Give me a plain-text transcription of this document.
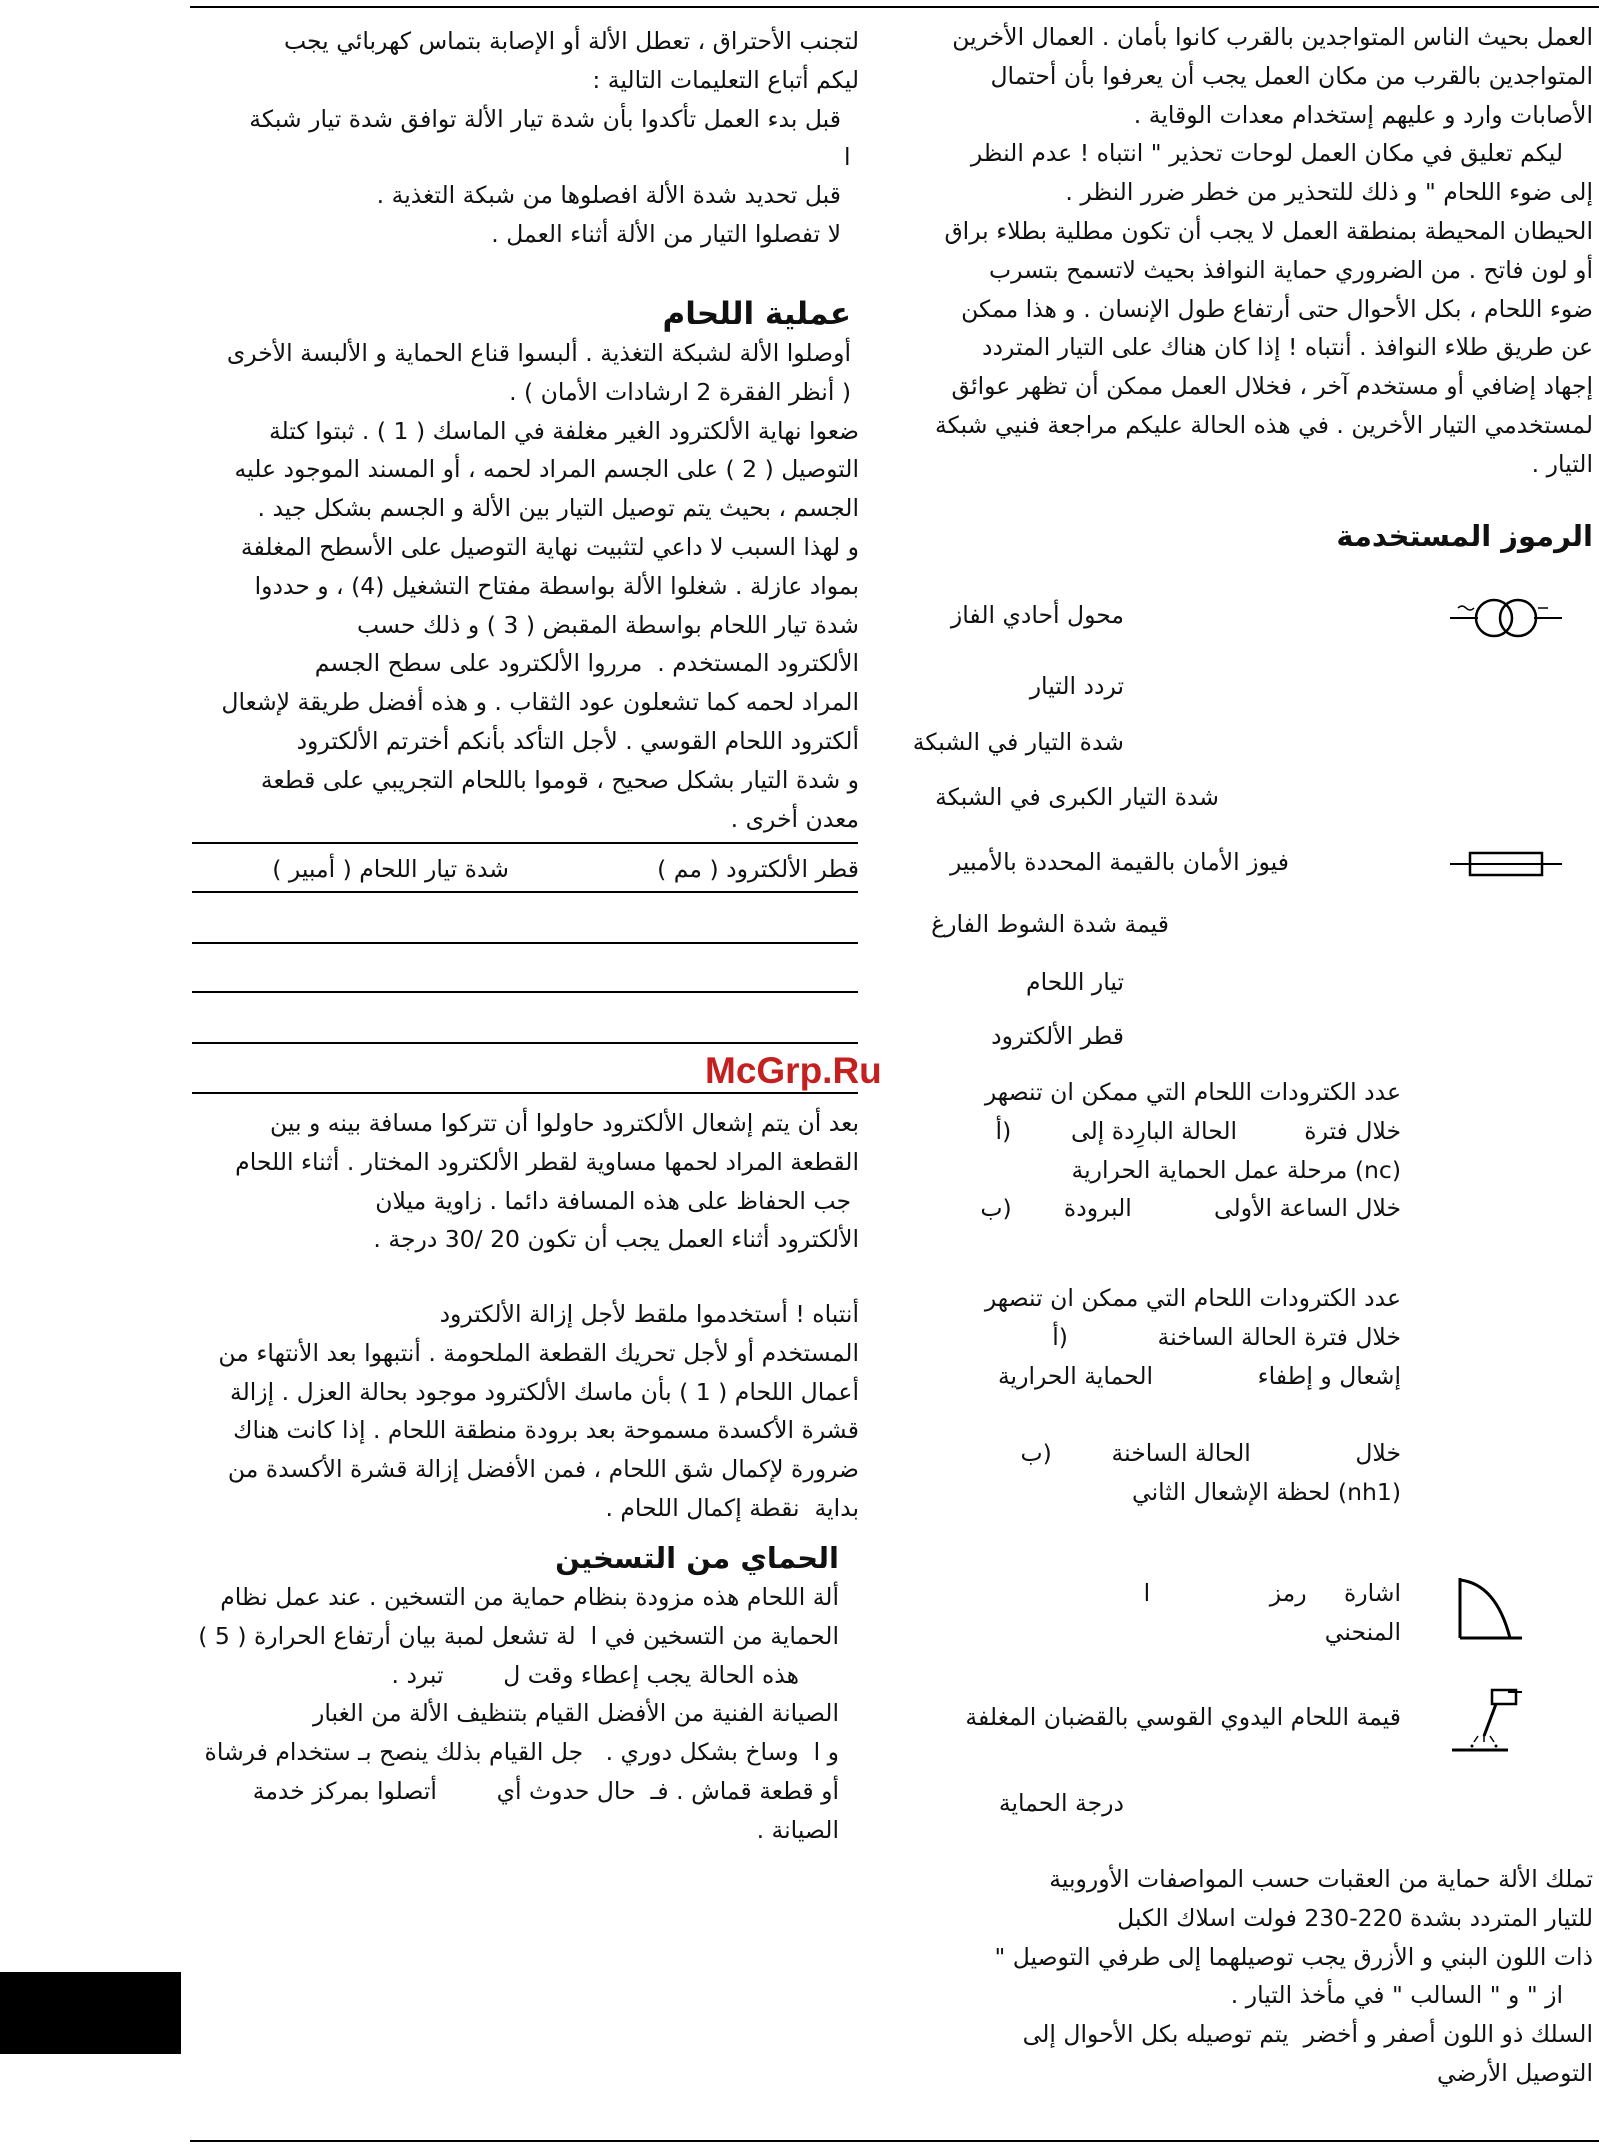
لتجنب الأحتراق ، تعطل الألة أو الإصابة بتماس كهربائي يجب

ليكم أتباع التعليمات التالية :

قبل بدء العمل تأكدوا بأن شدة تيار الألة توافق شدة تيار شبكة

ا

قبل تحديد شدة الألة افصلوها من شبكة التغذية .

لا تفصلوا التيار من الألة أثناء العمل .

عملية اللحام

أوصلوا الألة لشبكة التغذية . ألبسوا قناع الحماية و الألبسة الأخرى

( أنظر الفقرة 2 ارشادات الأمان ) .

ضعوا نهاية الألكترود الغير مغلفة في الماسك ( 1 ) . ثبتوا كتلة

التوصيل ( 2 ) على الجسم المراد لحمه ، أو المسند الموجود عليه

الجسم ، بحيث يتم توصيل التيار بين الألة و الجسم بشكل جيد .

و لهذا السبب لا داعي لتثبيت نهاية التوصيل على الأسطح المغلفة

بمواد عازلة . شغلوا الألة بواسطة مفتاح التشغيل (4) ، و حددوا

شدة تيار اللحام بواسطة المقبض ( 3 ) و ذلك حسب

الألكترود المستخدم .  مرروا الألكترود على سطح الجسم

المراد لحمه كما تشعلون عود الثقاب . و هذه أفضل طريقة لإشعال

ألكترود اللحام القوسي . لأجل التأكد بأنكم أخترتم الألكترود

و شدة التيار بشكل صحيح ، قوموا باللحام التجريبي على قطعة

معدن أخرى .

قطر الألكترود ( مم )
شدة تيار اللحام ( أمبير )
McGrp.Ru

بعد أن يتم إشعال الألكترود حاولوا أن تتركوا مسافة بينه و بين

القطعة المراد لحمها مساوية لقطر الألكترود المختار . أثناء اللحام

جب الحفاظ على هذه المسافة دائما . زاوية ميلان

الألكترود أثناء العمل يجب أن تكون 20 /30 درجة .

أنتباه ! أستخدموا ملقط لأجل إزالة الألكترود

المستخدم أو لأجل تحريك القطعة الملحومة . أنتبهوا بعد الأنتهاء من

أعمال اللحام ( 1 ) بأن ماسك الألكترود موجود بحالة العزل . إزالة

قشرة الأكسدة مسموحة بعد برودة منطقة اللحام . إذا كانت هناك

ضرورة لإكمال شق اللحام ، فمن الأفضل إزالة قشرة الأكسدة من

بداية  نقطة إكمال اللحام .

الحماي من التسخين

ألة اللحام هذه مزودة بنظام حماية من التسخين . عند عمل نظام

الحماية من التسخين في ا  لة تشعل لمبة بيان أرتفاع الحرارة ( 5 )

هذه الحالة يجب إعطاء وقت ل        تبرد .

الصيانة الفنية من الأفضل القيام بتنظيف الألة من الغبار

و ا  وساخ بشكل دوري .   جل القيام بذلك ينصح بـ ستخدام فرشاة

أو قطعة قماش . فـ  حال حدوث أي        أتصلوا بمركز خدمة

الصيانة .

العمل بحيث الناس المتواجدين بالقرب كانوا بأمان . العمال الأخرين

المتواجدين بالقرب من مكان العمل يجب أن يعرفوا بأن أحتمال

الأصابات وارد و عليهم إستخدام معدات الوقاية .

ليكم تعليق في مكان العمل لوحات تحذير " انتباه ! عدم النظر

إلى ضوء اللحام " و ذلك للتحذير من خطر ضرر النظر .

الحيطان المحيطة بمنطقة العمل لا يجب أن تكون مطلية بطلاء براق

أو لون فاتح . من الضروري حماية النوافذ بحيث لاتسمح بتسرب

ضوء اللحام ، بكل الأحوال حتى أرتفاع طول الإنسان . و هذا ممكن

عن طريق طلاء النوافذ . أنتباه ! إذا كان هناك على التيار المتردد

إجهاد إضافي أو مستخدم آخر ، فخلال العمل ممكن أن تظهر عوائق

لمستخدمي التيار الأخرين . في هذه الحالة عليكم مراجعة فنيي شبكة

التيار .

الرموز المستخدمة

محول أحادي الفاز
تردد التيار
شدة التيار في الشبكة
شدة التيار الكبرى في الشبكة
فيوز الأمان بالقيمة المحددة بالأمبير
قيمة شدة الشوط الفارغ
تيار اللحام
قطر الألكترود

عدد الكترودات اللحام التي ممكن ان تنصهر

خلال فترة         الحالة البارِدة إلى        (أ

(nc) مرحلة عمل الحماية الحرارية

خلال الساعة الأولى           البرودة       (ب

عدد الكترودات اللحام التي ممكن ان تنصهر

خلال فترة الحالة الساخنة            (أ

إشعال و إطفاء              الحماية الحرارية

خلال              الحالة الساخنة        (ب

(nh1) لحظة الإشعال الثاني

اشارة     رمز                ا

المنحني

قيمة اللحام اليدوي القوسي بالقضبان المغلفة
درجة الحماية

تملك الألة حماية من العقبات حسب المواصفات الأوروبية

للتيار المتردد بشدة 220-230 فولت اسلاك الكبل

ذات اللون البني و الأزرق يجب توصيلهما إلى طرفي التوصيل "

از " و " السالب " في مأخذ التيار .

السلك ذو اللون أصفر و أخضر  يتم توصيله بكل الأحوال إلى

التوصيل الأرضي
